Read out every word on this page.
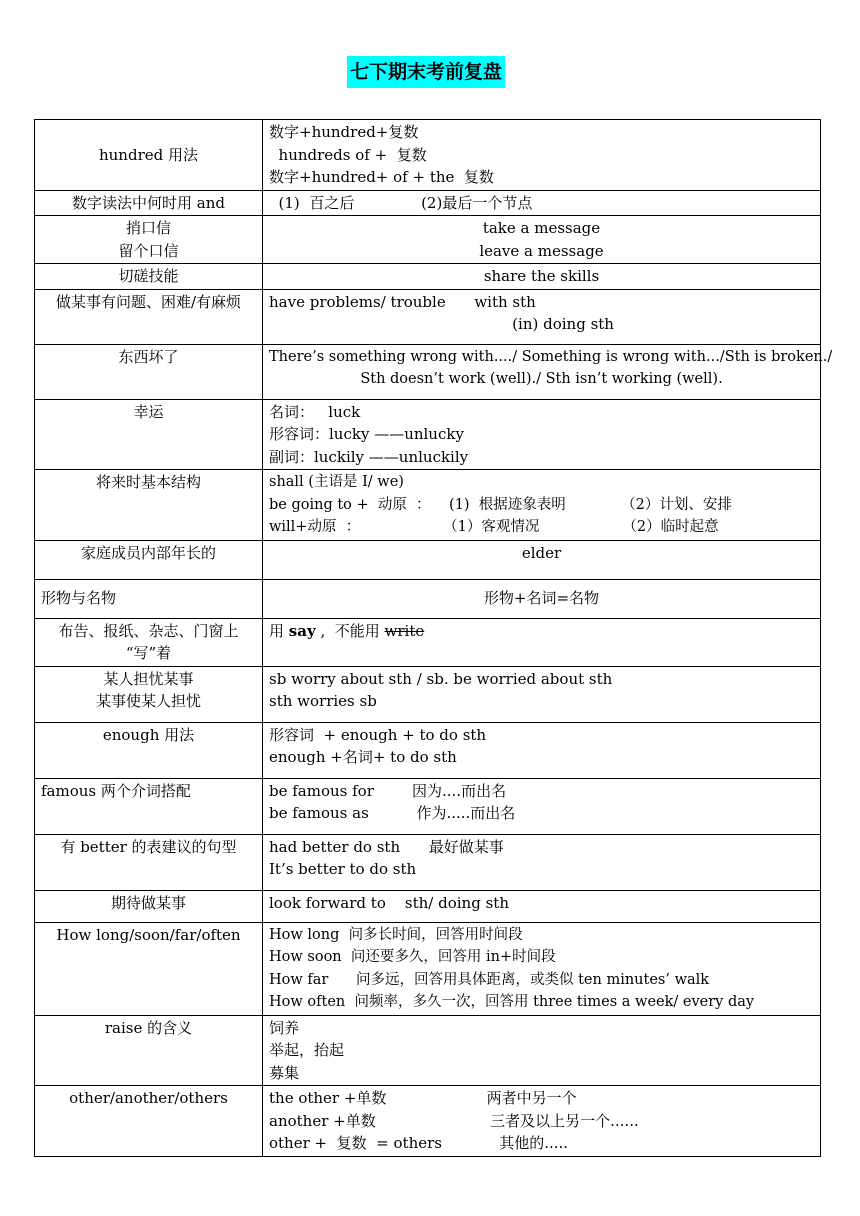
七下期末考前复盘
hundred 用法	数字+hundred+复数
hundreds of +  复数
数字+hundred+ of + the  复数

数字读法中何时用 and	(1)  百之后              (2)最后一个节点

捎口信
留个口信	take a message
leave a message

切磋技能	share the skills

做某事有问题、困难/有麻烦	have problems/ trouble      with sth
(in) doing sth

东西坏了	There’s something wrong with..../ Something is wrong with.../Sth is broken./
Sth doesn’t work (well)./ Sth isn’t working (well).

幸运	名词：   luck
形容词：lucky ——unlucky
副词：luckily ——unluckily

将来时基本结构	shall (主语是 I/ we)
be going to +  动原  ：    (1)  根据迹象表明            （2）计划、安排
will+动原  ：                  （1）客观情况                  （2）临时起意

家庭成员内部年长的	elder

形物与名物	形物+名词=名物

布告、报纸、杂志、门窗上
“写”着	用 say ,  不能用 write

某人担忧某事
某事使某人担忧	sb worry about sth / sb. be worried about sth
sth worries sb

enough 用法	形容词  + enough + to do sth
enough +名词+ to do sth

famous 两个介词搭配	be famous for        因为....而出名
be famous as          作为.....而出名

有 better 的表建议的句型	had better do sth      最好做某事
It’s better to do sth

期待做某事	look forward to    sth/ doing sth

How long/soon/far/often	How long  问多长时间，回答用时间段
How soon  问还要多久，回答用 in+时间段
How far      问多远，回答用具体距离，或类似 ten minutes’ walk
How often  问频率，多久一次，回答用 three times a week/ every day

raise 的含义	饲养
举起，抬起
募集

other/another/others	the other +单数                     两者中另一个
another +单数                        三者及以上另一个......
other +  复数  = others            其他的.....
